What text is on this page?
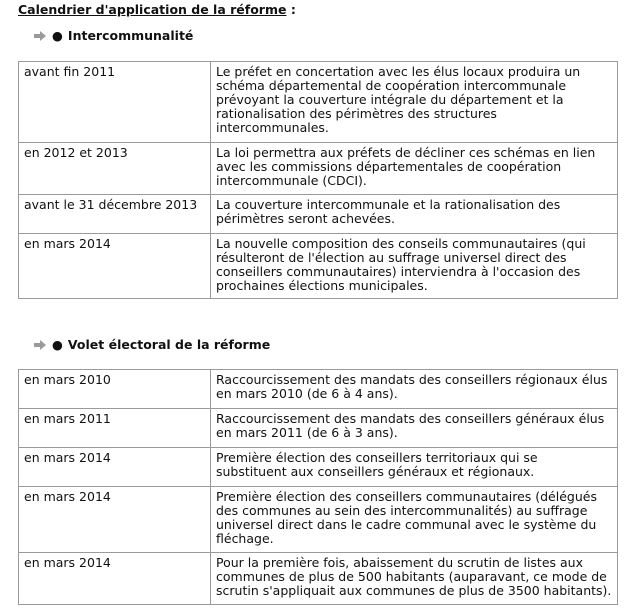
Calendrier d'application de la réforme :
● Intercommunalité
avant fin 2011	Le préfet en concertation avec les élus locaux produira un schéma départemental de coopération intercommunale prévoyant la couverture intégrale du département et la rationalisation des périmètres des structures intercommunales.
en 2012 et 2013	La loi permettra aux préfets de décliner ces schémas en lien avec les commissions départementales de coopération intercommunale (CDCI).
avant le 31 décembre 2013	La couverture intercommunale et la rationalisation des périmètres seront achevées.
en mars 2014	La nouvelle composition des conseils communautaires (qui résulteront de l'élection au suffrage universel direct des conseillers communautaires) interviendra à l'occasion des prochaines élections municipales.
● Volet électoral de la réforme
en mars 2010	Raccourcissement des mandats des conseillers régionaux élus en mars 2010 (de 6 à 4 ans).
en mars 2011	Raccourcissement des mandats des conseillers généraux élus en mars 2011 (de 6 à 3 ans).
en mars 2014	Première élection des conseillers territoriaux qui se substituent aux conseillers généraux et régionaux.
en mars 2014	Première élection des conseillers communautaires (délégués des communes au sein des intercommunalités) au suffrage universel direct dans le cadre communal avec le système du fléchage.
en mars 2014	Pour la première fois, abaissement du scrutin de listes aux communes de plus de 500 habitants (auparavant, ce mode de scrutin s'appliquait aux communes de plus de 3500 habitants).
